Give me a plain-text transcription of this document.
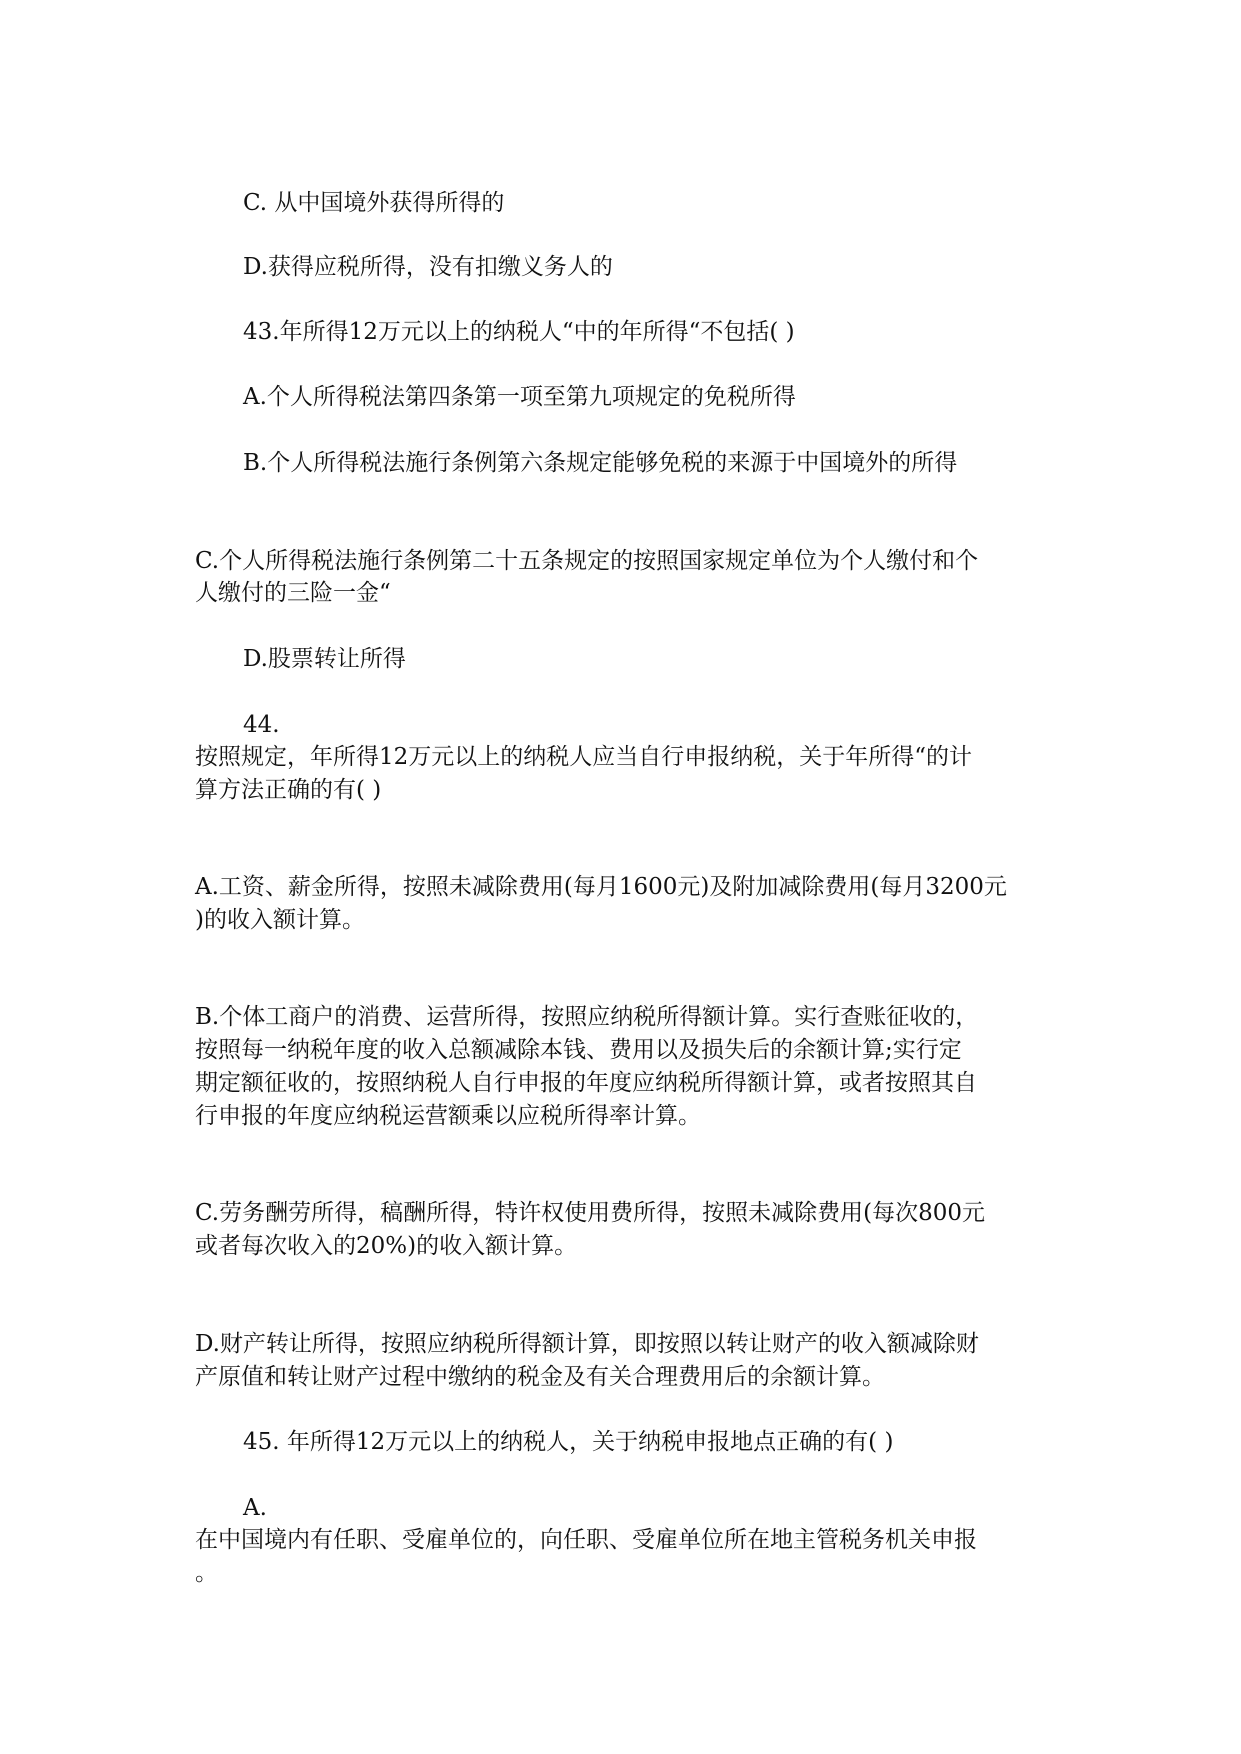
C. 从中国境外获得所得的

D.获得应税所得，没有扣缴义务人的

43.年所得12万元以上的纳税人“中的年所得“不包括( )

A.个人所得税法第四条第一项至第九项规定的免税所得

B.个人所得税法施行条例第六条规定能够免税的来源于中国境外的所得

C.个人所得税法施行条例第二十五条规定的按照国家规定单位为个人缴付和个

人缴付的三险一金“

D.股票转让所得

44.

按照规定，年所得12万元以上的纳税人应当自行申报纳税，关于年所得“的计

算方法正确的有( )

A.工资、薪金所得，按照未减除费用(每月1600元)及附加减除费用(每月3200元

)的收入额计算。

B.个体工商户的消费、运营所得，按照应纳税所得额计算。实行查账征收的，

按照每一纳税年度的收入总额减除本钱、费用以及损失后的余额计算;实行定

期定额征收的，按照纳税人自行申报的年度应纳税所得额计算，或者按照其自

行申报的年度应纳税运营额乘以应税所得率计算。

C.劳务酬劳所得，稿酬所得，特许权使用费所得，按照未减除费用(每次800元

或者每次收入的20%)的收入额计算。

D.财产转让所得，按照应纳税所得额计算，即按照以转让财产的收入额减除财

产原值和转让财产过程中缴纳的税金及有关合理费用后的余额计算。

45. 年所得12万元以上的纳税人，关于纳税申报地点正确的有( )

A.

在中国境内有任职、受雇单位的，向任职、受雇单位所在地主管税务机关申报

。
